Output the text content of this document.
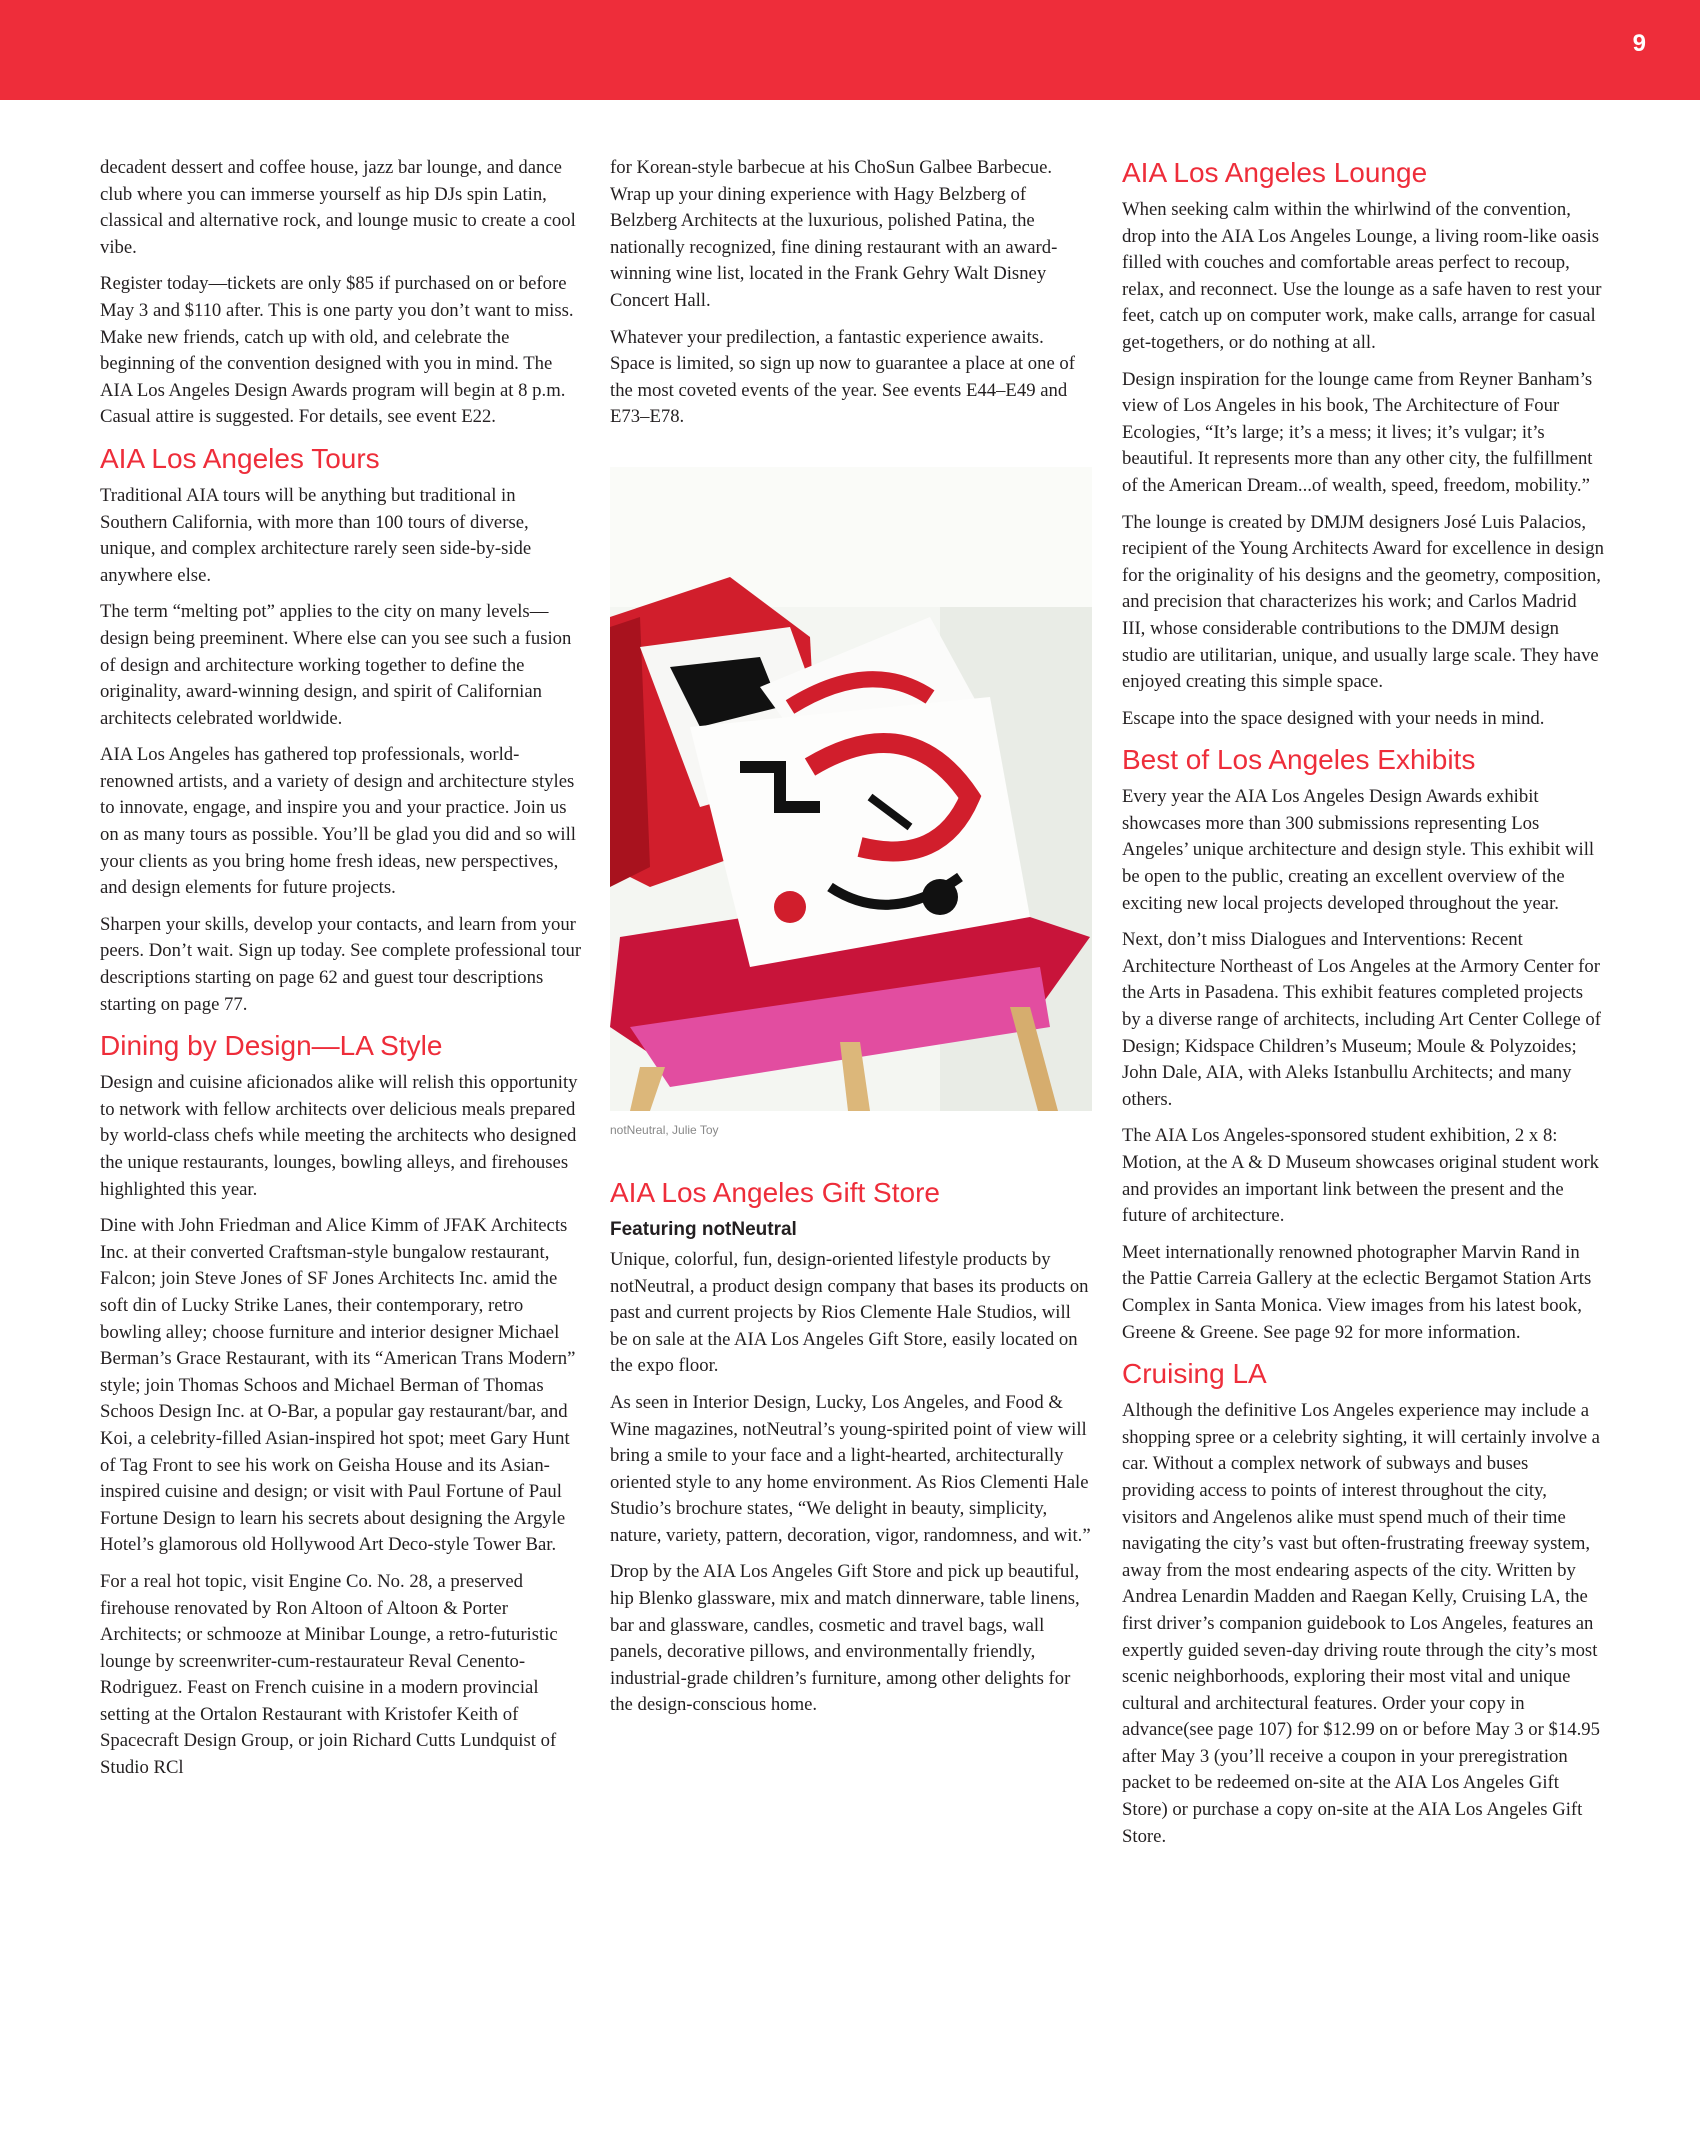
9

decadent dessert and coffee house, jazz bar lounge, and dance club where you can immerse yourself as hip DJs spin Latin, classical and alternative rock, and lounge music to create a cool vibe.

Register today—tickets are only $85 if purchased on or before May 3 and $110 after. This is one party you don’t want to miss. Make new friends, catch up with old, and celebrate the beginning of the convention designed with you in mind. The AIA Los Angeles Design Awards program will begin at 8 p.m. Casual attire is suggested. For details, see event E22.

AIA Los Angeles Tours

Traditional AIA tours will be anything but traditional in Southern California, with more than 100 tours of diverse, unique, and complex architecture rarely seen side-by-side anywhere else.

The term “melting pot” applies to the city on many levels—design being preeminent. Where else can you see such a fusion of design and architecture working together to define the originality, award-winning design, and spirit of Californian architects celebrated worldwide.

AIA Los Angeles has gathered top professionals, world-renowned artists, and a variety of design and architecture styles to innovate, engage, and inspire you and your practice. Join us on as many tours as possible. You’ll be glad you did and so will your clients as you bring home fresh ideas, new perspectives, and design elements for future projects.

Sharpen your skills, develop your contacts, and learn from your peers. Don’t wait. Sign up today. See complete professional tour descriptions starting on page 62 and guest tour descriptions starting on page 77.

Dining by Design—LA Style

Design and cuisine aficionados alike will relish this opportunity to network with fellow architects over delicious meals prepared by world-class chefs while meeting the architects who designed the unique restaurants, lounges, bowling alleys, and firehouses highlighted this year.

Dine with John Friedman and Alice Kimm of JFAK Architects Inc. at their converted Craftsman-style bungalow restaurant, Falcon; join Steve Jones of SF Jones Architects Inc. amid the soft din of Lucky Strike Lanes, their contemporary, retro bowling alley; choose furniture and interior designer Michael Berman’s Grace Restaurant, with its “American Trans Modern” style; join Thomas Schoos and Michael Berman of Thomas Schoos Design Inc. at O-Bar, a popular gay restaurant/bar, and Koi, a celebrity-filled Asian-inspired hot spot; meet Gary Hunt of Tag Front to see his work on Geisha House and its Asian-inspired cuisine and design; or visit with Paul Fortune of Paul Fortune Design to learn his secrets about designing the Argyle Hotel’s glamorous old Hollywood Art Deco-style Tower Bar.

For a real hot topic, visit Engine Co. No. 28, a preserved firehouse renovated by Ron Altoon of Altoon & Porter Architects; or schmooze at Minibar Lounge, a retro-futuristic lounge by screenwriter-cum-restaurateur Reval Cenento-Rodriguez. Feast on French cuisine in a modern provincial setting at the Ortalon Restaurant with Kristofer Keith of Spacecraft Design Group, or join Richard Cutts Lundquist of Studio RCl

for Korean-style barbecue at his ChoSun Galbee Barbecue. Wrap up your dining experience with Hagy Belzberg of Belzberg Architects at the luxurious, polished Patina, the nationally recognized, fine dining restaurant with an award-winning wine list, located in the Frank Gehry Walt Disney Concert Hall.

Whatever your predilection, a fantastic experience awaits. Space is limited, so sign up now to guarantee a place at one of the most coveted events of the year. See events E44–E49 and E73–E78.

notNeutral, Julie Toy
AIA Los Angeles Gift Store
Featuring notNeutral

Unique, colorful, fun, design-oriented lifestyle products by notNeutral, a product design company that bases its products on past and current projects by Rios Clemente Hale Studios, will be on sale at the AIA Los Angeles Gift Store, easily located on the expo floor.

As seen in Interior Design, Lucky, Los Angeles, and Food & Wine magazines, notNeutral’s young-spirited point of view will bring a smile to your face and a light-hearted, architecturally oriented style to any home environment. As Rios Clementi Hale Studio’s brochure states, “We delight in beauty, simplicity, nature, variety, pattern, decoration, vigor, randomness, and wit.”

Drop by the AIA Los Angeles Gift Store and pick up beautiful, hip Blenko glassware, mix and match dinnerware, table linens, bar and glassware, candles, cosmetic and travel bags, wall panels, decorative pillows, and environmentally friendly, industrial-grade children’s furniture, among other delights for the design-conscious home.

AIA Los Angeles Lounge

When seeking calm within the whirlwind of the convention, drop into the AIA Los Angeles Lounge, a living room-like oasis filled with couches and comfortable areas perfect to recoup, relax, and reconnect. Use the lounge as a safe haven to rest your feet, catch up on computer work, make calls, arrange for casual get-togethers, or do nothing at all.

Design inspiration for the lounge came from Reyner Banham’s view of Los Angeles in his book, The Architecture of Four Ecologies, “It’s large; it’s a mess; it lives; it’s vulgar; it’s beautiful. It represents more than any other city, the fulfillment of the American Dream...of wealth, speed, freedom, mobility.”

The lounge is created by DMJM designers José Luis Palacios, recipient of the Young Architects Award for excellence in design for the originality of his designs and the geometry, composition, and precision that characterizes his work; and Carlos Madrid III, whose considerable contributions to the DMJM design studio are utilitarian, unique, and usually large scale. They have enjoyed creating this simple space.

Escape into the space designed with your needs in mind.

Best of Los Angeles Exhibits

Every year the AIA Los Angeles Design Awards exhibit showcases more than 300 submissions representing Los Angeles’ unique architecture and design style. This exhibit will be open to the public, creating an excellent overview of the exciting new local projects developed throughout the year.

Next, don’t miss Dialogues and Interventions: Recent Architecture Northeast of Los Angeles at the Armory Center for the Arts in Pasadena. This exhibit features completed projects by a diverse range of architects, including Art Center College of Design; Kidspace Children’s Museum; Moule & Polyzoides; John Dale, AIA, with Aleks Istanbullu Architects; and many others.

The AIA Los Angeles-sponsored student exhibition, 2 x 8: Motion, at the A & D Museum showcases original student work and provides an important link between the present and the future of architecture.

Meet internationally renowned photographer Marvin Rand in the Pattie Carreia Gallery at the eclectic Bergamot Station Arts Complex in Santa Monica. View images from his latest book, Greene & Greene. See page 92 for more information.

Cruising LA

Although the definitive Los Angeles experience may include a shopping spree or a celebrity sighting, it will certainly involve a car. Without a complex network of subways and buses providing access to points of interest throughout the city, visitors and Angelenos alike must spend much of their time navigating the city’s vast but often-frustrating freeway system, away from the most endearing aspects of the city. Written by Andrea Lenardin Madden and Raegan Kelly, Cruising LA, the first driver’s companion guidebook to Los Angeles, features an expertly guided seven-day driving route through the city’s most scenic neighborhoods, exploring their most vital and unique cultural and architectural features. Order your copy in advance(see page 107) for $12.99 on or before May 3 or $14.95 after May 3 (you’ll receive a coupon in your preregistration packet to be redeemed on-site at the AIA Los Angeles Gift Store) or purchase a copy on-site at the AIA Los Angeles Gift Store.
